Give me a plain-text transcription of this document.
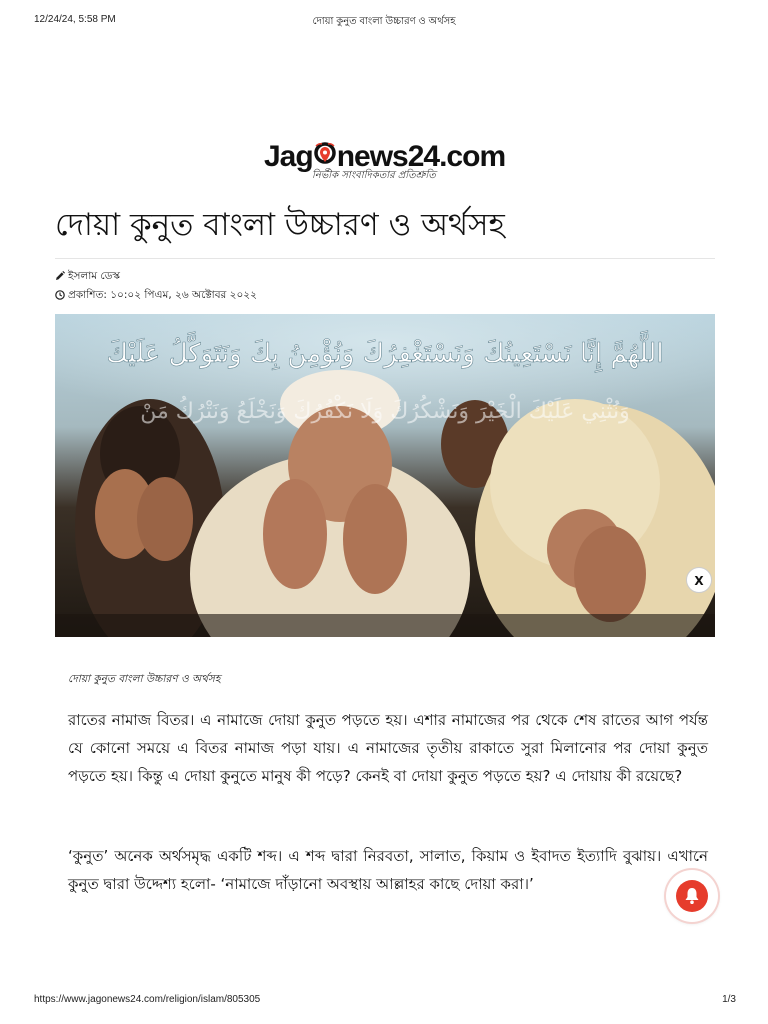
12/24/24, 5:58 PM	দোয়া কুনুত বাংলা উচ্চারণ ও অর্থসহ
Jag news24.com
নির্ভীক সাংবাদিকতার প্রতিশ্রুতি
দোয়া কুনুত বাংলা উচ্চারণ ও অর্থসহ
ইসলাম ডেস্ক
প্রকাশিত: ১০:০২ পিএম, ২৬ অক্টোবর ২০২২
اللَّهُمَّ إِنَّا نَسْتَعِينُكَ وَنَسْتَغْفِرُكَ وَنُؤْمِنُ بِكَ وَنَتَوَكَّلُ عَلَيْكَ
وَنُثْنِي عَلَيْكَ الْخَيْرَ وَنَشْكُرُكَ وَلَا نَكْفُرُكَ وَنَخْلَعُ وَنَتْرُكُ مَنْ
X
দোয়া কুনুত বাংলা উচ্চারণ ও অর্থসহ

রাতের নামাজ বিতর। এ নামাজে দোয়া কুনুত পড়তে হয়। এশার নামাজের পর থেকে শেষ রাতের আগ পর্যন্ত যে কোনো সময়ে এ বিতর নামাজ পড়া যায়। এ নামাজের তৃতীয় রাকাতে সুরা মিলানোর পর দোয়া কুনুত পড়তে হয়। কিন্তু এ দোয়া কুনুতে মানুষ কী পড়ে? কেনই বা দোয়া কুনুত পড়তে হয়? এ দোয়ায় কী রয়েছে?

‘কুনুত’ অনেক অর্থসমৃদ্ধ একটি শব্দ। এ শব্দ দ্বারা নিরবতা, সালাত, কিয়াম ও ইবাদত ইত্যাদি বুঝায়। এখানে কুনুত দ্বারা উদ্দেশ্য হলো- ‘নামাজে দাঁড়ানো অবস্থায় আল্লাহর কাছে দোয়া করা।’

https://www.jagonews24.com/religion/islam/805305	1/3
